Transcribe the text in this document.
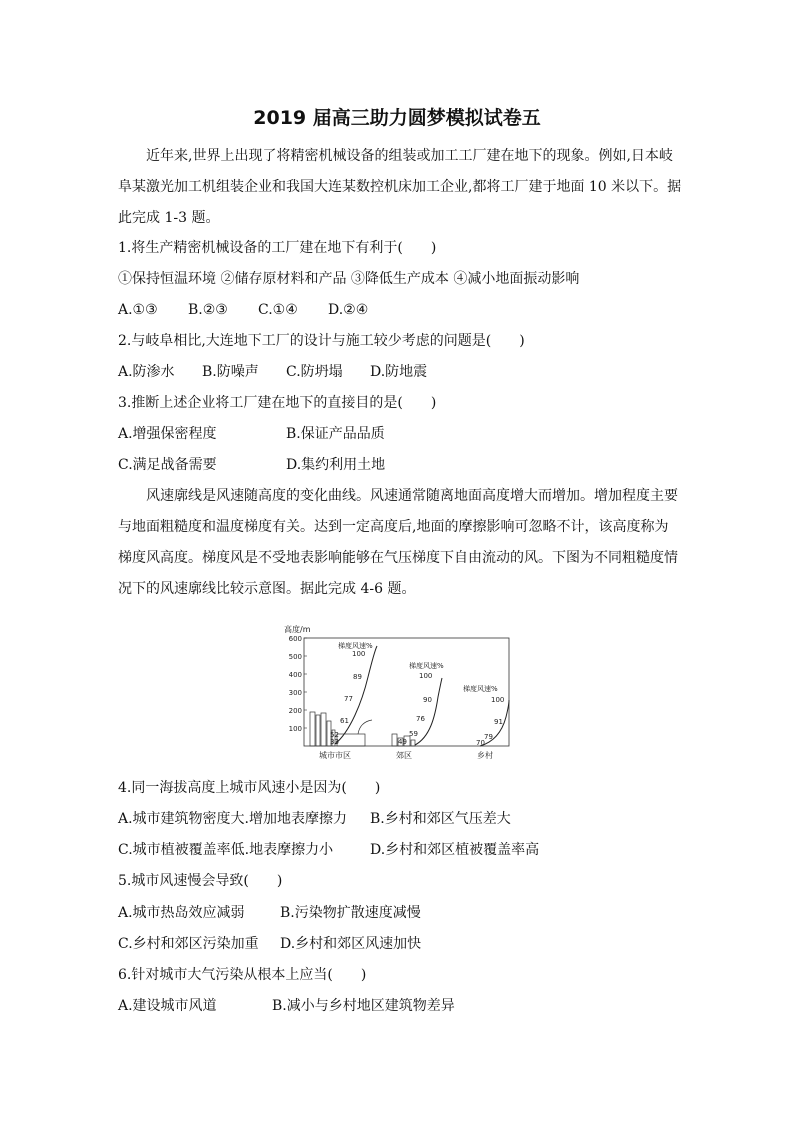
2019 届高三助力圆梦模拟试卷五
近年来,世界上出现了将精密机械设备的组装或加工工厂建在地下的现象。例如,日本岐
阜某激光加工机组装企业和我国大连某数控机床加工企业,都将工厂建于地面 10 米以下。据
此完成 1-3 题。
1.将生产精密机械设备的工厂建在地下有利于(　　)
①保持恒温环境 ②储存原材料和产品 ③降低生产成本 ④减小地面振动影响
A.①③ B.②③ C.①④ D.②④
2.与岐阜相比,大连地下工厂的设计与施工较少考虑的问题是(　　)
A.防渗水 B.防噪声 C.防坍塌 D.防地震
3.推断上述企业将工厂建在地下的直接目的是(　　)
A.增强保密程度	B.保证产品品质
C.满足战备需要	D.集约利用土地
风速廓线是风速随高度的变化曲线。风速通常随离地面高度增大而增加。增加程度主要
与地面粗糙度和温度梯度有关。达到一定高度后,地面的摩擦影响可忽略不计，该高度称为
梯度风高度。梯度风是不受地表影响能够在气压梯度下自由流动的风。下图为不同粗糙度情
况下的风速廓线比较示意图。据此完成 4-6 题。
高度/m
600
500
400
300
200
100
梯度风速%
100
89
77
61
52
33
梯度风速%
100
90
76
59
49
梯度风速%
100
91
79
70
城市市区	郊区	乡村
4.同一海拔高度上城市风速小是因为(　　)
A.城市建筑物密度大.增加地表摩擦力 B.乡村和郊区气压差大
C.城市植被覆盖率低.地表摩擦力小	D.乡村和郊区植被覆盖率高
5.城市风速慢会导致(　　)
A.城市热岛效应减弱	B.污染物扩散速度减慢
C.乡村和郊区污染加重 D.乡村和郊区风速加快
6.针对城市大气污染从根本上应当(　　)
A.建设城市风道	B.减小与乡村地区建筑物差异
